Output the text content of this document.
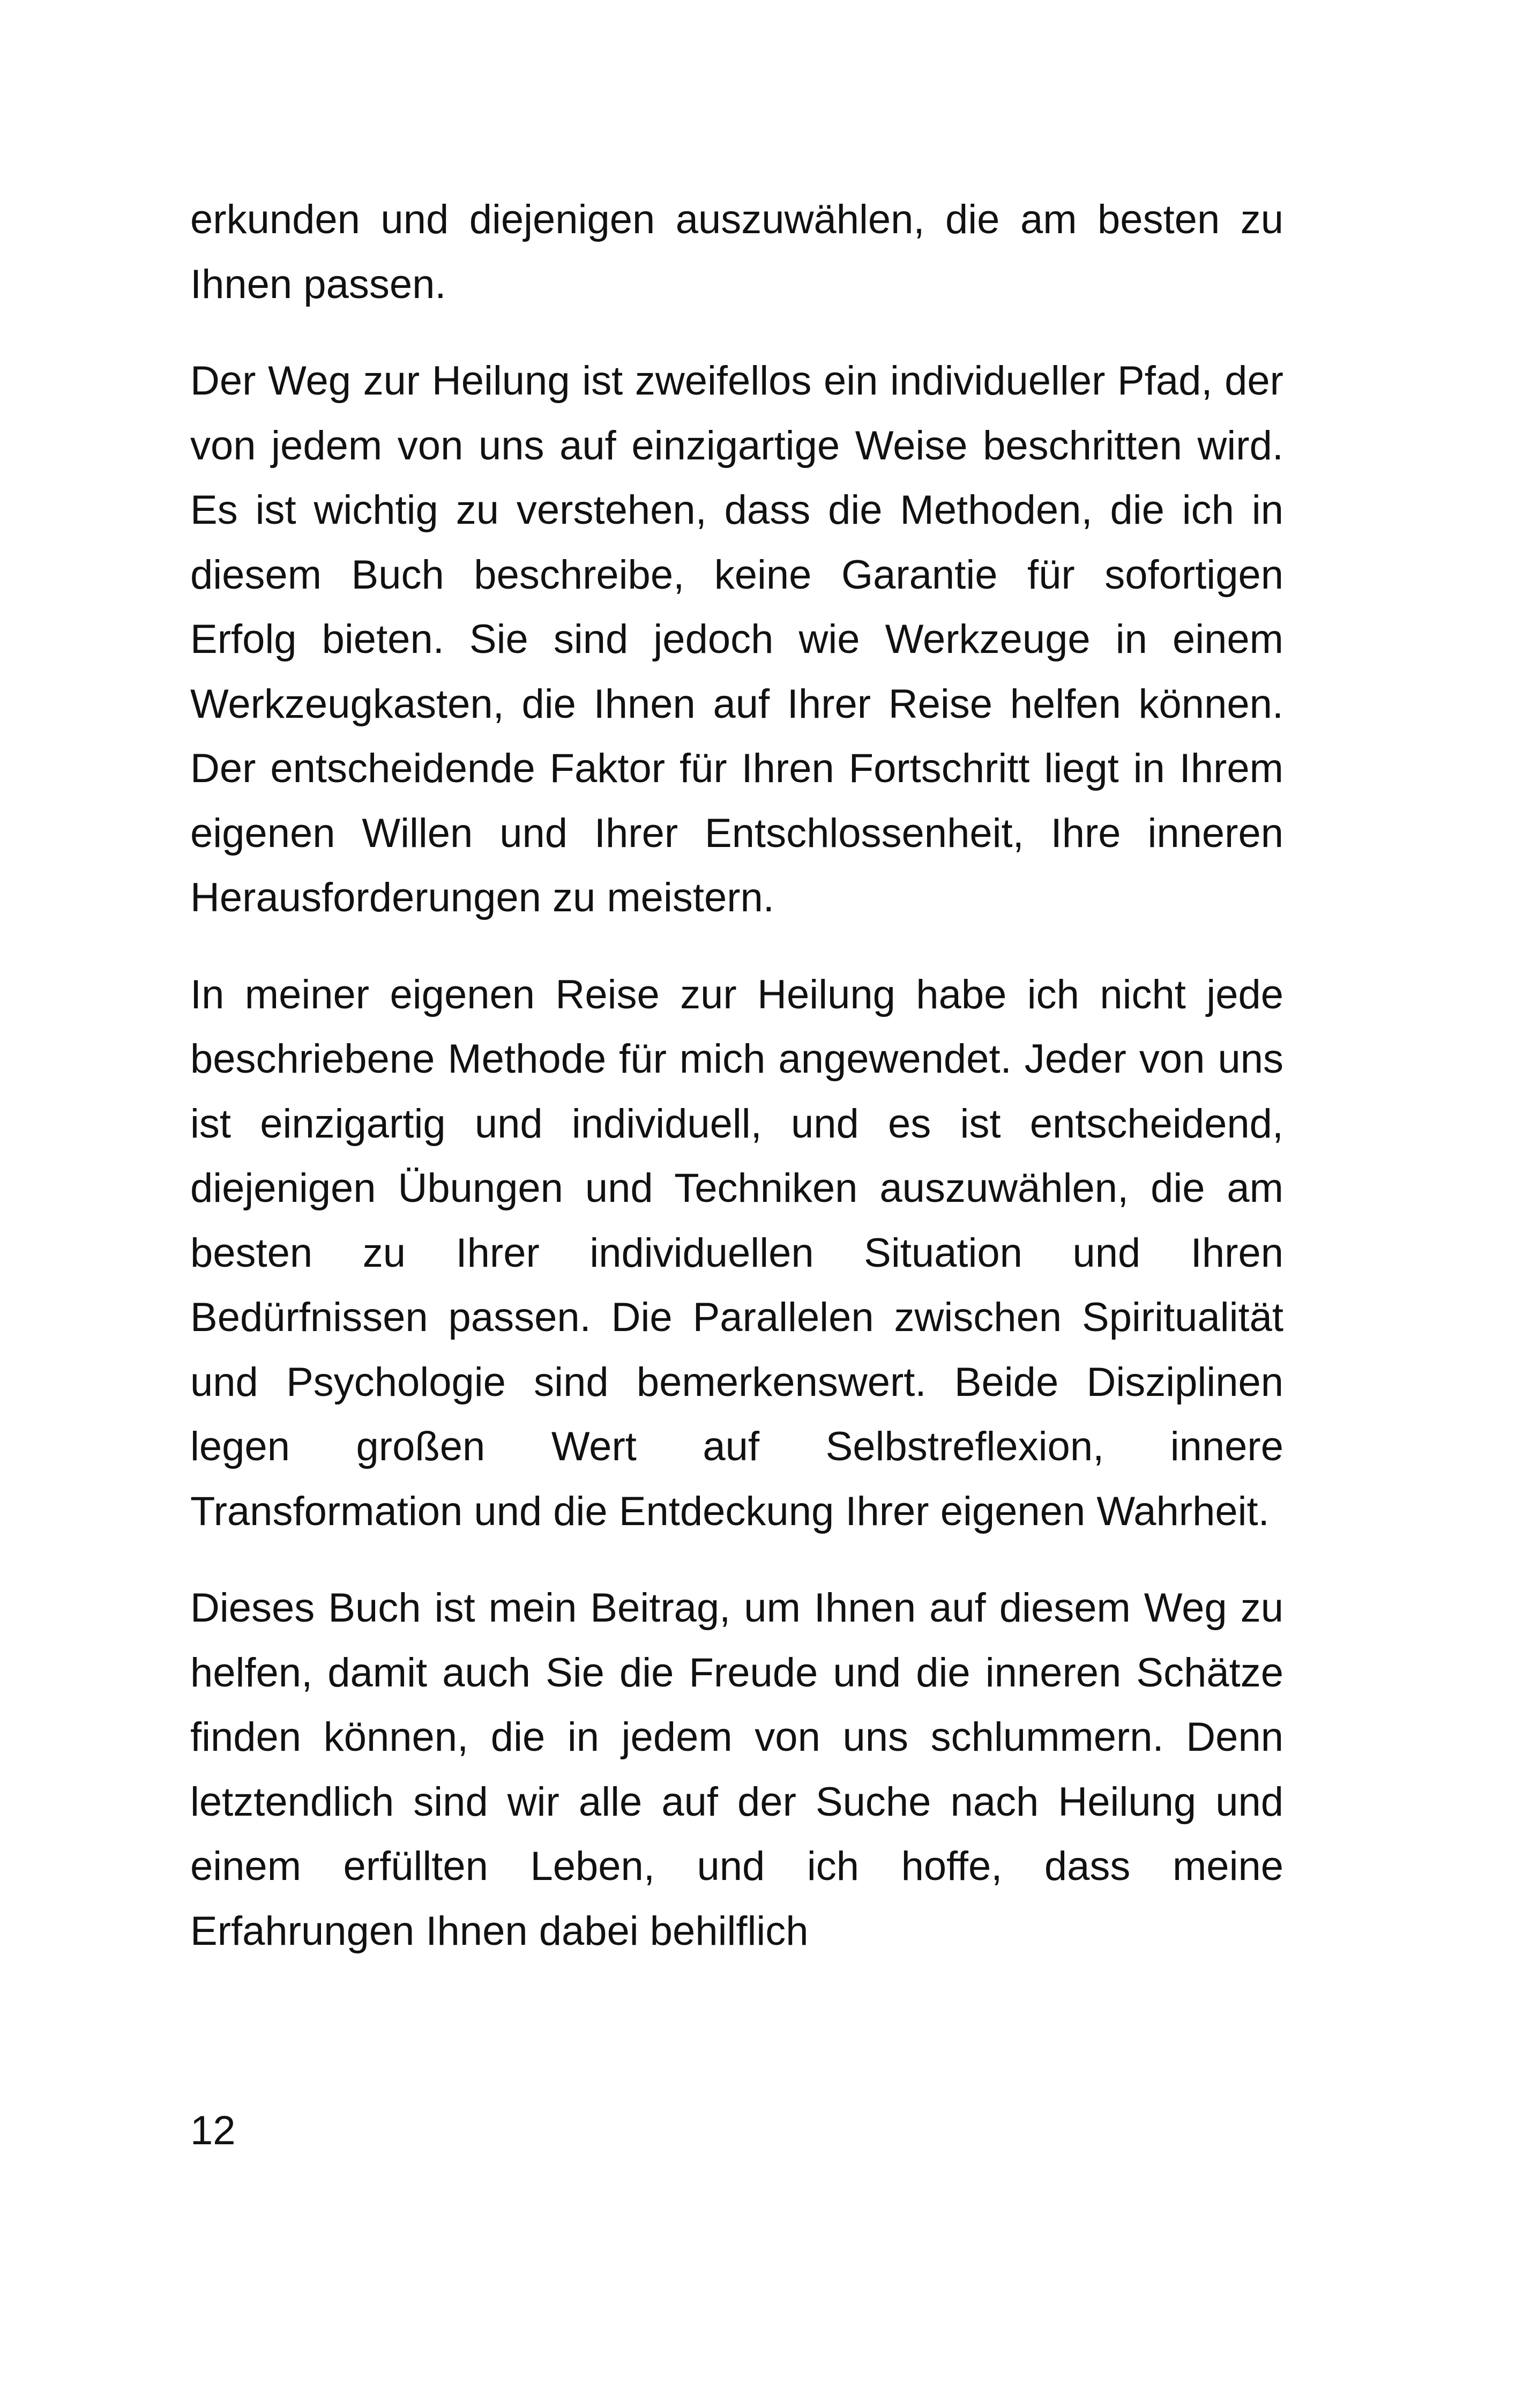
erkunden und diejenigen auszuwählen, die am besten zu Ihnen passen.

Der Weg zur Heilung ist zweifellos ein individueller Pfad, der von jedem von uns auf einzigartige Weise beschritten wird. Es ist wichtig zu verstehen, dass die Methoden, die ich in diesem Buch beschreibe, keine Garantie für sofortigen Erfolg bieten. Sie sind jedoch wie Werkzeuge in einem Werkzeugkasten, die Ihnen auf Ihrer Reise helfen können. Der entscheidende Faktor für Ihren Fortschritt liegt in Ihrem eigenen Willen und Ihrer Entschlossenheit, Ihre inneren Herausforderungen zu meistern.

In meiner eigenen Reise zur Heilung habe ich nicht jede beschriebene Methode für mich angewendet. Jeder von uns ist einzigartig und individuell, und es ist entscheidend, diejenigen Übungen und Techniken auszuwählen, die am besten zu Ihrer individuellen Situation und Ihren Bedürfnissen passen. Die Parallelen zwischen Spiritualität und Psychologie sind bemerkenswert. Beide Disziplinen legen großen Wert auf Selbstreflexion, innere Transformation und die Entdeckung Ihrer eigenen Wahrheit.

Dieses Buch ist mein Beitrag, um Ihnen auf diesem Weg zu helfen, damit auch Sie die Freude und die inneren Schätze finden können, die in jedem von uns schlummern. Denn letztendlich sind wir alle auf der Suche nach Heilung und einem erfüllten Leben, und ich hoffe, dass meine Erfahrungen Ihnen dabei behilflich

12
